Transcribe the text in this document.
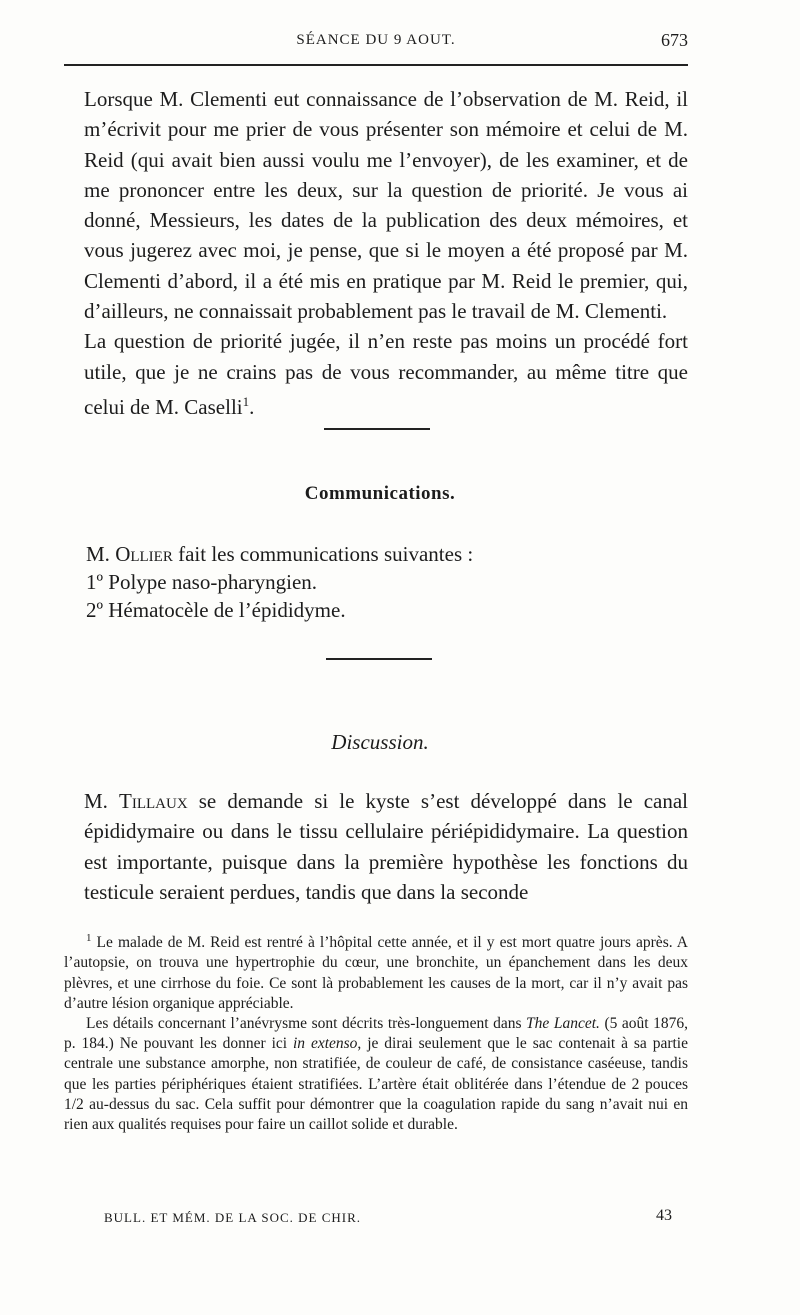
SÉANCE DU 9 AOUT.	673

Lorsque M. Clementi eut connaissance de l’observation de M. Reid, il m’écrivit pour me prier de vous présenter son mémoire et celui de M. Reid (qui avait bien aussi voulu me l’envoyer), de les examiner, et de me prononcer entre les deux, sur la question de priorité. Je vous ai donné, Messieurs, les dates de la publication des deux mémoires, et vous jugerez avec moi, je pense, que si le moyen a été proposé par M. Clementi d’abord, il a été mis en pratique par M. Reid le premier, qui, d’ailleurs, ne connaissait probablement pas le travail de M. Clementi.

La question de priorité jugée, il n’en reste pas moins un procédé fort utile, que je ne crains pas de vous recommander, au même titre que celui de M. Caselli$^1$.

Communications.
M. Ollier fait les communications suivantes :
1º Polype naso-pharyngien.
2º Hématocèle de l’épididyme.
Discussion.

M. Tillaux se demande si le kyste s’est développé dans le canal épididymaire ou dans le tissu cellulaire périépididymaire. La question est importante, puisque dans la première hypothèse les fonctions du testicule seraient perdues, tandis que dans la seconde

$^1$ Le malade de M. Reid est rentré à l’hôpital cette année, et il y est mort quatre jours après. A l’autopsie, on trouva une hypertrophie du cœur, une bronchite, un épanchement dans les deux plèvres, et une cirrhose du foie. Ce sont là probablement les causes de la mort, car il n’y avait pas d’autre lésion organique appréciable.

Les détails concernant l’anévrysme sont décrits très-longuement dans The Lancet. (5 août 1876, p. 184.) Ne pouvant les donner ici in extenso, je dirai seulement que le sac contenait à sa partie centrale une substance amorphe, non stratifiée, de couleur de café, de consistance caséeuse, tandis que les parties périphériques étaient stratifiées. L’artère était oblitérée dans l’étendue de 2 pouces 1/2 au-dessus du sac. Cela suffit pour démontrer que la coagulation rapide du sang n’avait nui en rien aux qualités requises pour faire un caillot solide et durable.

BULL. ET MÉM. DE LA SOC. DE CHIR.	43
